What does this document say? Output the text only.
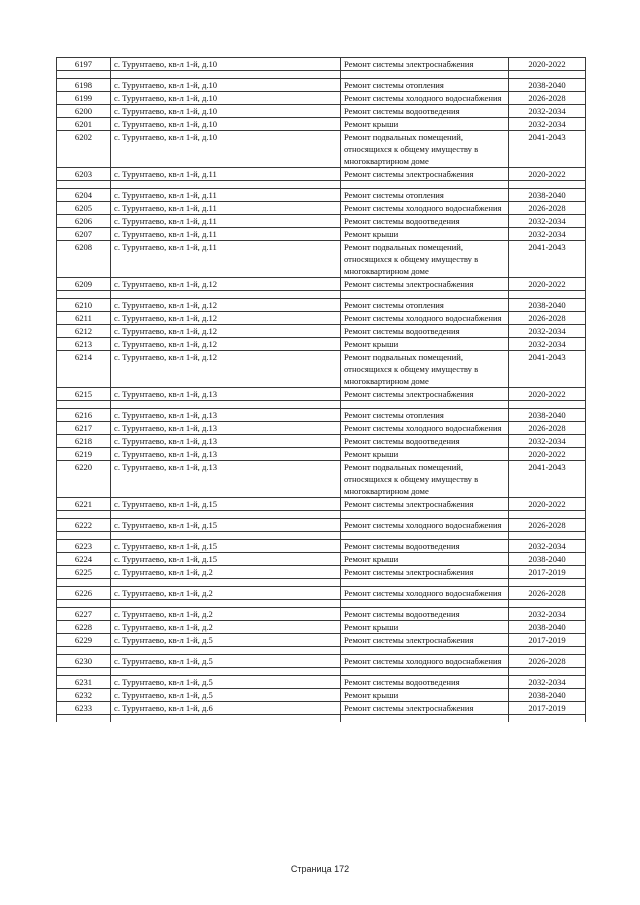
6197	с. Турунтаево, кв-л 1-й, д.10	Ремонт системы электроснабжения	2020-2022

6198	с. Турунтаево, кв-л 1-й, д.10	Ремонт системы отопления	2038-2040
6199	с. Турунтаево, кв-л 1-й, д.10	Ремонт системы холодного водоснабжения	2026-2028
6200	с. Турунтаево, кв-л 1-й, д.10	Ремонт системы водоотведения	2032-2034
6201	с. Турунтаево, кв-л 1-й, д.10	Ремонт крыши	2032-2034
6202	с. Турунтаево, кв-л 1-й, д.10	Ремонт подвальных помещений, относящихся к общему имуществу в многоквартирном доме	2041-2043
6203	с. Турунтаево, кв-л 1-й, д.11	Ремонт системы электроснабжения	2020-2022

6204	с. Турунтаево, кв-л 1-й, д.11	Ремонт системы отопления	2038-2040
6205	с. Турунтаево, кв-л 1-й, д.11	Ремонт системы холодного водоснабжения	2026-2028
6206	с. Турунтаево, кв-л 1-й, д.11	Ремонт системы водоотведения	2032-2034
6207	с. Турунтаево, кв-л 1-й, д.11	Ремонт крыши	2032-2034
6208	с. Турунтаево, кв-л 1-й, д.11	Ремонт подвальных помещений, относящихся к общему имуществу в многоквартирном доме	2041-2043
6209	с. Турунтаево, кв-л 1-й, д.12	Ремонт системы электроснабжения	2020-2022

6210	с. Турунтаево, кв-л 1-й, д.12	Ремонт системы отопления	2038-2040
6211	с. Турунтаево, кв-л 1-й, д.12	Ремонт системы холодного водоснабжения	2026-2028
6212	с. Турунтаево, кв-л 1-й, д.12	Ремонт системы водоотведения	2032-2034
6213	с. Турунтаево, кв-л 1-й, д.12	Ремонт крыши	2032-2034
6214	с. Турунтаево, кв-л 1-й, д.12	Ремонт подвальных помещений, относящихся к общему имуществу в многоквартирном доме	2041-2043
6215	с. Турунтаево, кв-л 1-й, д.13	Ремонт системы электроснабжения	2020-2022

6216	с. Турунтаево, кв-л 1-й, д.13	Ремонт системы отопления	2038-2040
6217	с. Турунтаево, кв-л 1-й, д.13	Ремонт системы холодного водоснабжения	2026-2028
6218	с. Турунтаево, кв-л 1-й, д.13	Ремонт системы водоотведения	2032-2034
6219	с. Турунтаево, кв-л 1-й, д.13	Ремонт крыши	2020-2022
6220	с. Турунтаево, кв-л 1-й, д.13	Ремонт подвальных помещений, относящихся к общему имуществу в многоквартирном доме	2041-2043
6221	с. Турунтаево, кв-л 1-й, д.15	Ремонт системы электроснабжения	2020-2022

6222	с. Турунтаево, кв-л 1-й, д.15	Ремонт системы холодного водоснабжения	2026-2028

6223	с. Турунтаево, кв-л 1-й, д.15	Ремонт системы водоотведения	2032-2034
6224	с. Турунтаево, кв-л 1-й, д.15	Ремонт крыши	2038-2040
6225	с. Турунтаево, кв-л 1-й, д.2	Ремонт системы электроснабжения	2017-2019

6226	с. Турунтаево, кв-л 1-й, д.2	Ремонт системы холодного водоснабжения	2026-2028

6227	с. Турунтаево, кв-л 1-й, д.2	Ремонт системы водоотведения	2032-2034
6228	с. Турунтаево, кв-л 1-й, д.2	Ремонт крыши	2038-2040
6229	с. Турунтаево, кв-л 1-й, д.5	Ремонт системы электроснабжения	2017-2019

6230	с. Турунтаево, кв-л 1-й, д.5	Ремонт системы холодного водоснабжения	2026-2028

6231	с. Турунтаево, кв-л 1-й, д.5	Ремонт системы водоотведения	2032-2034
6232	с. Турунтаево, кв-л 1-й, д.5	Ремонт крыши	2038-2040
6233	с. Турунтаево, кв-л 1-й, д.6	Ремонт системы электроснабжения	2017-2019

Страница 172
